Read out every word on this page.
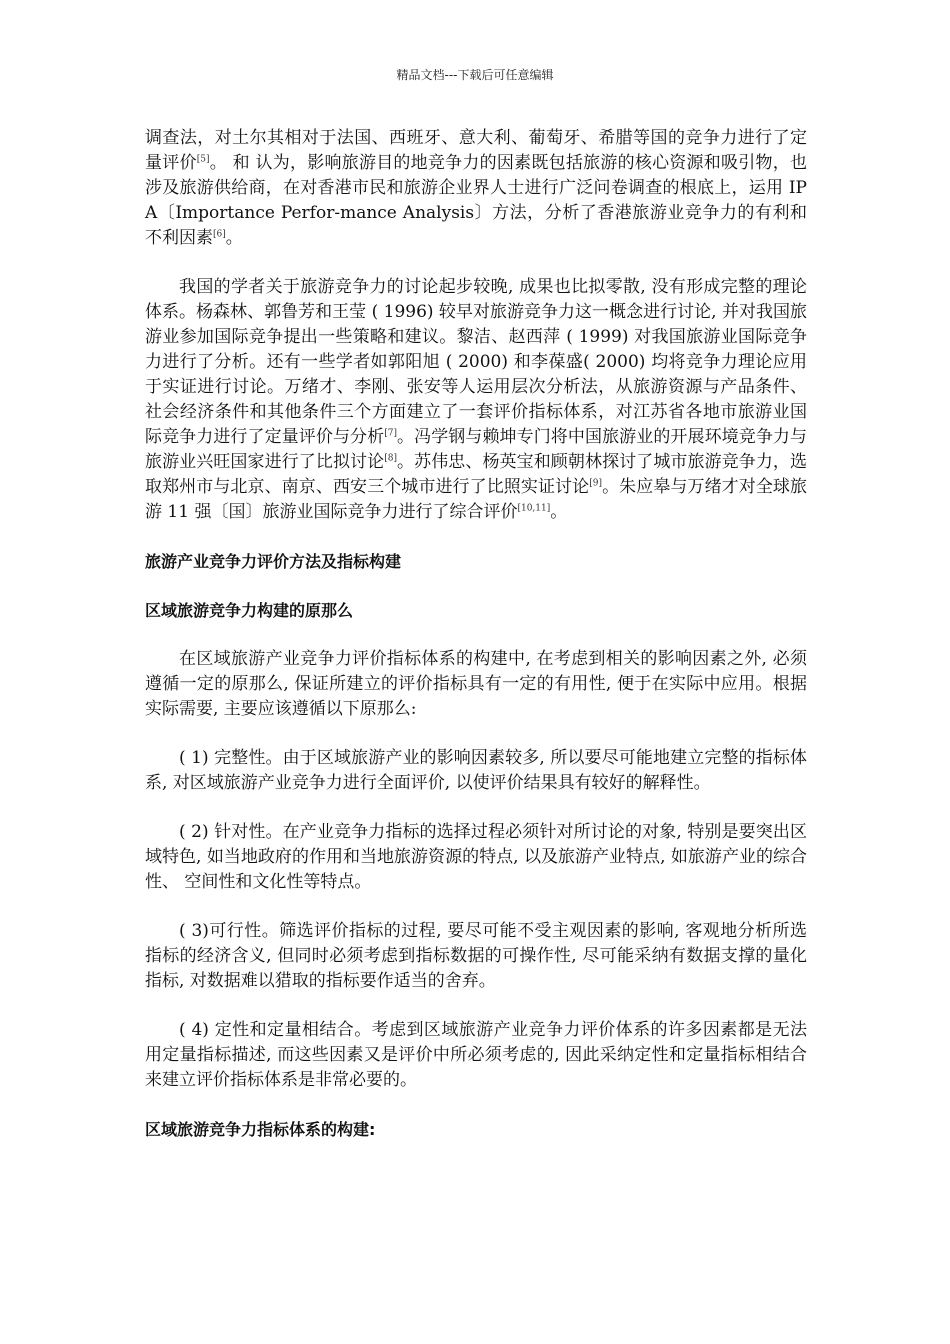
精品文档---下载后可任意编辑

调查法，对土尔其相对于法国、西班牙、意大利、葡萄牙、希腊等国的竞争力进行了定量评价[5]。 和 认为，影响旅游目的地竞争力的因素既包括旅游的核心资源和吸引物，也涉及旅游供给商，在对香港市民和旅游企业界人士进行广泛问卷调查的根底上，运用 IPA〔Importance Perfor-mance Analysis〕方法，分析了香港旅游业竞争力的有利和不利因素[6]。

我国的学者关于旅游竞争力的讨论起步较晚, 成果也比拟零散, 没有形成完整的理论体系。杨森林、郭鲁芳和王莹 ( 1996) 较早对旅游竞争力这一概念进行讨论, 并对我国旅游业参加国际竞争提出一些策略和建议。黎洁、赵西萍 ( 1999) 对我国旅游业国际竞争力进行了分析。还有一些学者如郭阳旭 ( 2000) 和李葆盛( 2000) 均将竞争力理论应用于实证进行讨论。万绪才、李刚、张安等人运用层次分析法，从旅游资源与产品条件、社会经济条件和其他条件三个方面建立了一套评价指标体系，对江苏省各地市旅游业国际竞争力进行了定量评价与分析[7]。冯学钢与赖坤专门将中国旅游业的开展环境竞争力与旅游业兴旺国家进行了比拟讨论[8]。苏伟忠、杨英宝和顾朝林探讨了城市旅游竞争力，选取郑州市与北京、南京、西安三个城市进行了比照实证讨论[9]。朱应皋与万绪才对全球旅游 11 强〔国〕旅游业国际竞争力进行了综合评价[10,11]。

旅游产业竞争力评价方法及指标构建
区域旅游竞争力构建的原那么

在区域旅游产业竞争力评价指标体系的构建中, 在考虑到相关的影响因素之外, 必须遵循一定的原那么, 保证所建立的评价指标具有一定的有用性, 便于在实际中应用。根据实际需要, 主要应该遵循以下原那么:

( 1) 完整性。由于区域旅游产业的影响因素较多, 所以要尽可能地建立完整的指标体系, 对区域旅游产业竞争力进行全面评价, 以使评价结果具有较好的解释性。

( 2) 针对性。在产业竞争力指标的选择过程必须针对所讨论的对象, 特别是要突出区域特色, 如当地政府的作用和当地旅游资源的特点, 以及旅游产业特点, 如旅游产业的综合性、 空间性和文化性等特点。

( 3)可行性。筛选评价指标的过程, 要尽可能不受主观因素的影响, 客观地分析所选指标的经济含义, 但同时必须考虑到指标数据的可操作性, 尽可能采纳有数据支撑的量化指标, 对数据难以猎取的指标要作适当的舍弃。

( 4) 定性和定量相结合。考虑到区域旅游产业竞争力评价体系的许多因素都是无法用定量指标描述, 而这些因素又是评价中所必须考虑的, 因此采纳定性和定量指标相结合来建立评价指标体系是非常必要的。

区域旅游竞争力指标体系的构建:
